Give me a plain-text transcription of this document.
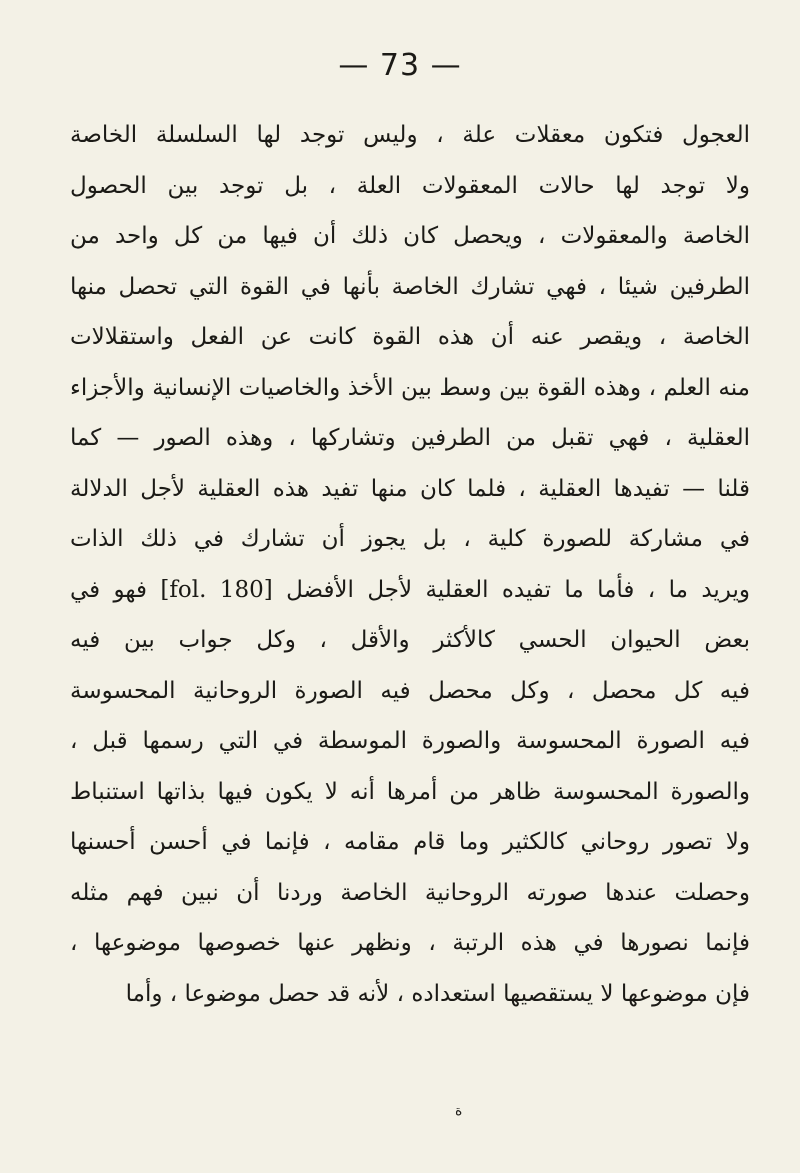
— 73 —
العجول فتكون معقلات علة ، وليس توجد لها السلسلة الخاصة
ولا توجد لها حالات المعقولات العلة ، بل توجد بين الحصول
الخاصة والمعقولات ، ويحصل كان ذلك أن فيها من كل واحد من
الطرفين شيئا ، فهي تشارك الخاصة بأنها في القوة التي تحصل منها
الخاصة ، ويقصر عنه أن هذه القوة كانت عن الفعل واستقلالات
منه العلم ، وهذه القوة بين وسط بين الأخذ والخاصيات الإنسانية والأجزاء
العقلية ، فهي تقبل من الطرفين وتشاركها ، وهذه الصور — كما
قلنا — تفيدها العقلية ، فلما كان منها تفيد هذه العقلية لأجل الدلالة
في مشاركة للصورة كلية ، بل يجوز أن تشارك في ذلك الذات
ويريد ما ، فأما ما تفيده العقلية لأجل الأفضل [fol. 180] فهو في
بعض الحيوان الحسي كالأكثر والأقل ، وكل جواب بين فيه
فيه كل محصل ، وكل محصل فيه الصورة الروحانية المحسوسة
فيه الصورة المحسوسة والصورة الموسطة في التي رسمها قبل ،
والصورة المحسوسة ظاهر من أمرها أنه لا يكون فيها بذاتها استنباط
ولا تصور روحاني كالكثير وما قام مقامه ، فإنما في أحسن أحسنها
وحصلت عندها صورته الروحانية الخاصة وردنا أن نبين فهم مثله
فإنما نصورها في هذه الرتبة ، ونظهر عنها خصوصها موضوعها ،
فإن موضوعها لا يستقصيها استعداده ، لأنه قد حصل موضوعا ، وأما
ة
